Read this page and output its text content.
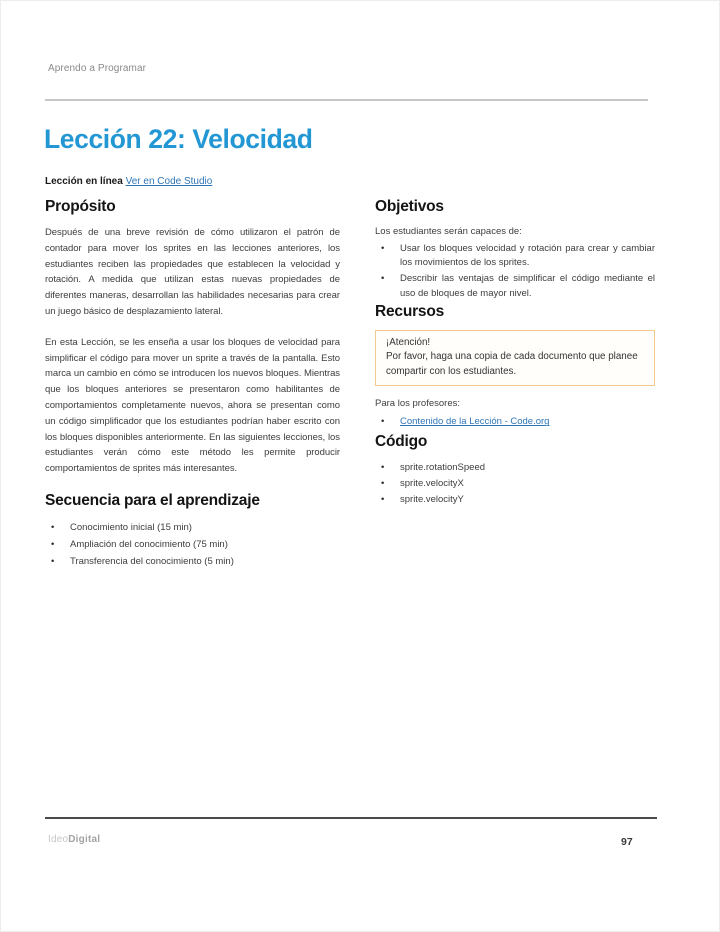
Aprendo a Programar
Lección 22: Velocidad
Lección en línea Ver en Code Studio
Propósito

Después de una breve revisión de cómo utilizaron el patrón de contador para mover los sprites en las lecciones anteriores, los estudiantes reciben las propiedades que establecen la velocidad y rotación. A medida que utilizan estas nuevas propiedades de diferentes maneras, desarrollan las habilidades necesarias para crear un juego básico de desplazamiento lateral.

En esta Lección, se les enseña a usar los bloques de velocidad para simplificar el código para mover un sprite a través de la pantalla. Esto marca un cambio en cómo se introducen los nuevos bloques. Mientras que los bloques anteriores se presentaron como habilitantes de comportamientos completamente nuevos, ahora se presentan como un código simplificador que los estudiantes podrían haber escrito con los bloques disponibles anteriormente. En las siguientes lecciones, los estudiantes verán cómo este método les permite producir comportamientos de sprites más interesantes.

Secuencia para el aprendizaje
• Conocimiento inicial (15 min)
• Ampliación del conocimiento (75 min)
• Transferencia del conocimiento (5 min)
Objetivos

Los estudiantes serán capaces de:

• Usar los bloques velocidad y rotación para crear y cambiar los movimientos de los sprites.
• Describir las ventajas de simplificar el código mediante el uso de bloques de mayor nivel.
Recursos
¡Atención!
Por favor, haga una copia de cada documento que planee compartir con los estudiantes.

Para los profesores:

• Contenido de la Lección - Code.org
Código
• sprite.rotationSpeed
• sprite.velocityX
• sprite.velocityY
IdeoDigital	97
